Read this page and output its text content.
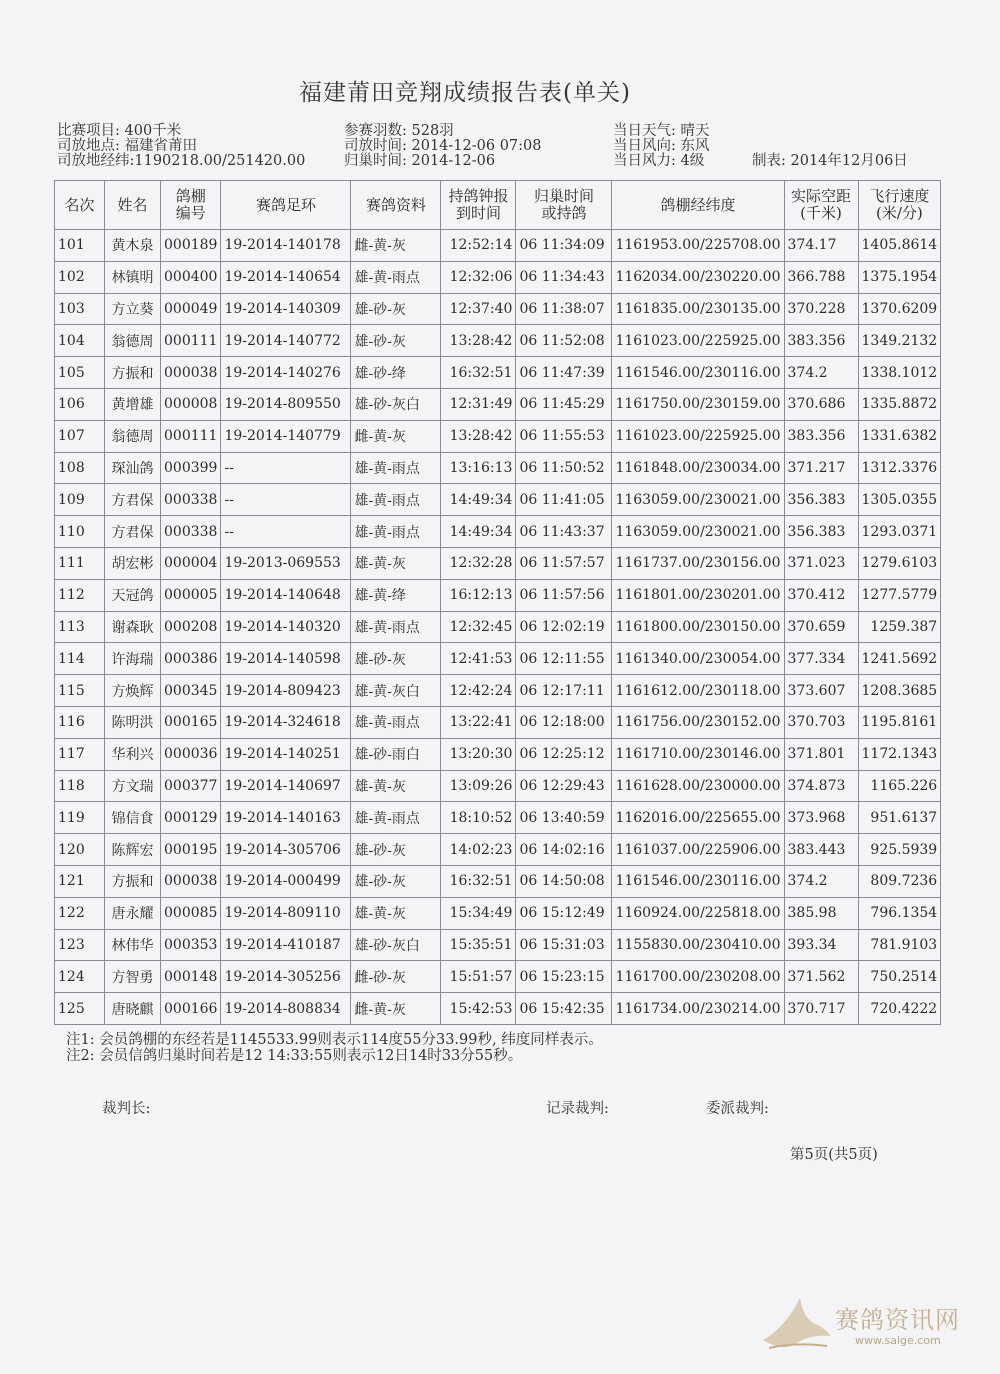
福建莆田竞翔成绩报告表(单关)
比赛项目: 400千米
司放地点: 福建省莆田
司放地经纬:1190218.00/251420.00
参赛羽数: 528羽
司放时间: 2014-12-06 07:08
归巢时间: 2014-12-06
当日天气: 晴天
当日风向: 东风
当日风力: 4级	制表: 2014年12月06日
名次	姓名	鸽棚编号	赛鸽足环	赛鸽资料	持鸽钟报到时间	归巢时间或持鸽	鸽棚经纬度	实际空距(千米)	飞行速度(米/分)

101	黄木泉	000189	19-2014-140178	雌-黄-灰	12:52:14	06 11:34:09	1161953.00/225708.00	374.17	1405.8614
102	林镇明	000400	19-2014-140654	雄-黄-雨点	12:32:06	06 11:34:43	1162034.00/230220.00	366.788	1375.1954
103	方立葵	000049	19-2014-140309	雄-砂-灰	12:37:40	06 11:38:07	1161835.00/230135.00	370.228	1370.6209
104	翁德周	000111	19-2014-140772	雄-砂-灰	13:28:42	06 11:52:08	1161023.00/225925.00	383.356	1349.2132
105	方振和	000038	19-2014-140276	雄-砂-绛	16:32:51	06 11:47:39	1161546.00/230116.00	374.2	1338.1012
106	黄增雄	000008	19-2014-809550	雄-砂-灰白	12:31:49	06 11:45:29	1161750.00/230159.00	370.686	1335.8872
107	翁德周	000111	19-2014-140779	雌-黄-灰	13:28:42	06 11:55:53	1161023.00/225925.00	383.356	1331.6382
108	琛汕鸽	000399	--	雄-黄-雨点	13:16:13	06 11:50:52	1161848.00/230034.00	371.217	1312.3376
109	方君保	000338	--	雄-黄-雨点	14:49:34	06 11:41:05	1163059.00/230021.00	356.383	1305.0355
110	方君保	000338	--	雄-黄-雨点	14:49:34	06 11:43:37	1163059.00/230021.00	356.383	1293.0371
111	胡宏彬	000004	19-2013-069553	雄-黄-灰	12:32:28	06 11:57:57	1161737.00/230156.00	371.023	1279.6103
112	天冠鸽	000005	19-2014-140648	雄-黄-绛	16:12:13	06 11:57:56	1161801.00/230201.00	370.412	1277.5779
113	谢森耿	000208	19-2014-140320	雄-黄-雨点	12:32:45	06 12:02:19	1161800.00/230150.00	370.659	1259.387
114	许海瑞	000386	19-2014-140598	雄-砂-灰	12:41:53	06 12:11:55	1161340.00/230054.00	377.334	1241.5692
115	方焕辉	000345	19-2014-809423	雄-黄-灰白	12:42:24	06 12:17:11	1161612.00/230118.00	373.607	1208.3685
116	陈明洪	000165	19-2014-324618	雄-黄-雨点	13:22:41	06 12:18:00	1161756.00/230152.00	370.703	1195.8161
117	华利兴	000036	19-2014-140251	雄-砂-雨白	13:20:30	06 12:25:12	1161710.00/230146.00	371.801	1172.1343
118	方文瑞	000377	19-2014-140697	雄-黄-灰	13:09:26	06 12:29:43	1161628.00/230000.00	374.873	1165.226
119	锦信食	000129	19-2014-140163	雄-黄-雨点	18:10:52	06 13:40:59	1162016.00/225655.00	373.968	951.6137
120	陈辉宏	000195	19-2014-305706	雄-砂-灰	14:02:23	06 14:02:16	1161037.00/225906.00	383.443	925.5939
121	方振和	000038	19-2014-000499	雄-砂-灰	16:32:51	06 14:50:08	1161546.00/230116.00	374.2	809.7236
122	唐永耀	000085	19-2014-809110	雄-黄-灰	15:34:49	06 15:12:49	1160924.00/225818.00	385.98	796.1354
123	林伟华	000353	19-2014-410187	雄-砂-灰白	15:35:51	06 15:31:03	1155830.00/230410.00	393.34	781.9103
124	方智勇	000148	19-2014-305256	雌-砂-灰	15:51:57	06 15:23:15	1161700.00/230208.00	371.562	750.2514
125	唐晓麒	000166	19-2014-808834	雌-黄-灰	15:42:53	06 15:42:35	1161734.00/230214.00	370.717	720.4222
注1: 会员鸽棚的东经若是1145533.99则表示114度55分33.99秒, 纬度同样表示。
注2: 会员信鸽归巢时间若是12 14:33:55则表示12日14时33分55秒。
裁判长:	记录裁判:	委派裁判:
第5页(共5页)
赛鸽资讯网
www.saige.com
